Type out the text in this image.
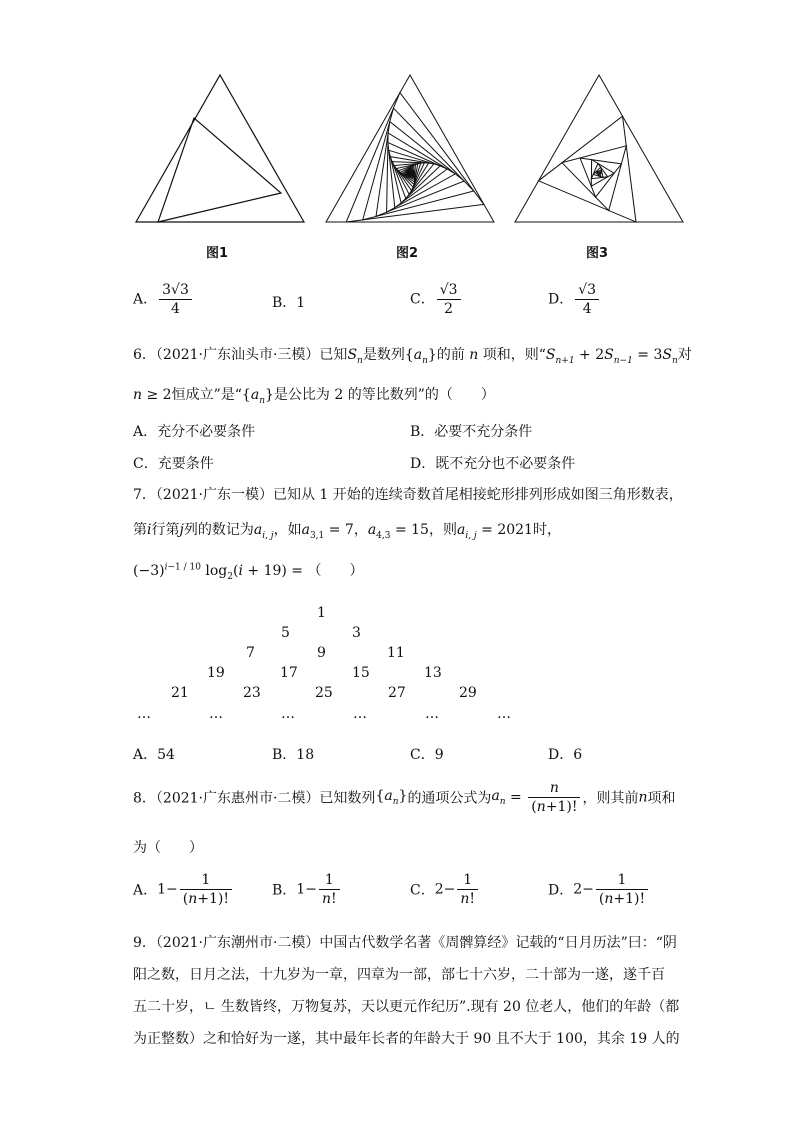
图1	图2	图3
A． $\frac{3√3}{4}$	B．1	C． $\frac{√3}{2}$	D． $\frac{√3}{4}$
6．（2021·广东汕头市·三模）已知$S_n$是数列$\{a_n\}$的前 n 项和，则“$S_{n+1} + 2S_{n-1} = 3S_n$对
n ≥ 2恒成立”是“$\{a_n\}$是公比为 2 的等比数列”的（　　）
A．充分不必要条件	B．必要不充分条件
C．充要条件	D．既不充分也不必要条件
7．（2021·广东一模）已知从 1 开始的连续奇数首尾相接蛇形排列形成如图三角形数表，
第i行第j列的数记为$a_{i, j}$，如$a_{3,1} = 7$，$a_{4,3} = 15$，则$a_{i, j} = 2021$时，
$(-3)^{i-1 / 10}$ $\log_2(i + 19)$ = （　　）
1
5	3
7	9	11
19	17	15	13
21	23	25	27	29
…	…	…	…	…	…
A．54	B．18	C．9	D．6
8．（2021·广东惠州市·二模）已知数列$\{a_n\}$的通项公式为$a_n = \frac{n}{(n+1)!}$ ，则其前n项和
为（　　）
A．$1- \frac{1}{(n+1)!}$	B．$1- \frac{1}{n!}$	C．$2- \frac{1}{n!}$	D．$2- \frac{1}{(n+1)!}$
9．（2021·广东潮州市·二模）中国古代数学名著《周髀算经》记载的“日月历法”曰：“阴
阳之数，日月之法，十九岁为一章，四章为一部，部七十六岁，二十部为一遂，遂千百
五二十岁，ㄴ 生数皆终，万物复苏，天以更元作纪历”.现有 20 位老人，他们的年龄（都
为正整数）之和恰好为一遂，其中最年长者的年龄大于 90 且不大于 100，其余 19 人的
